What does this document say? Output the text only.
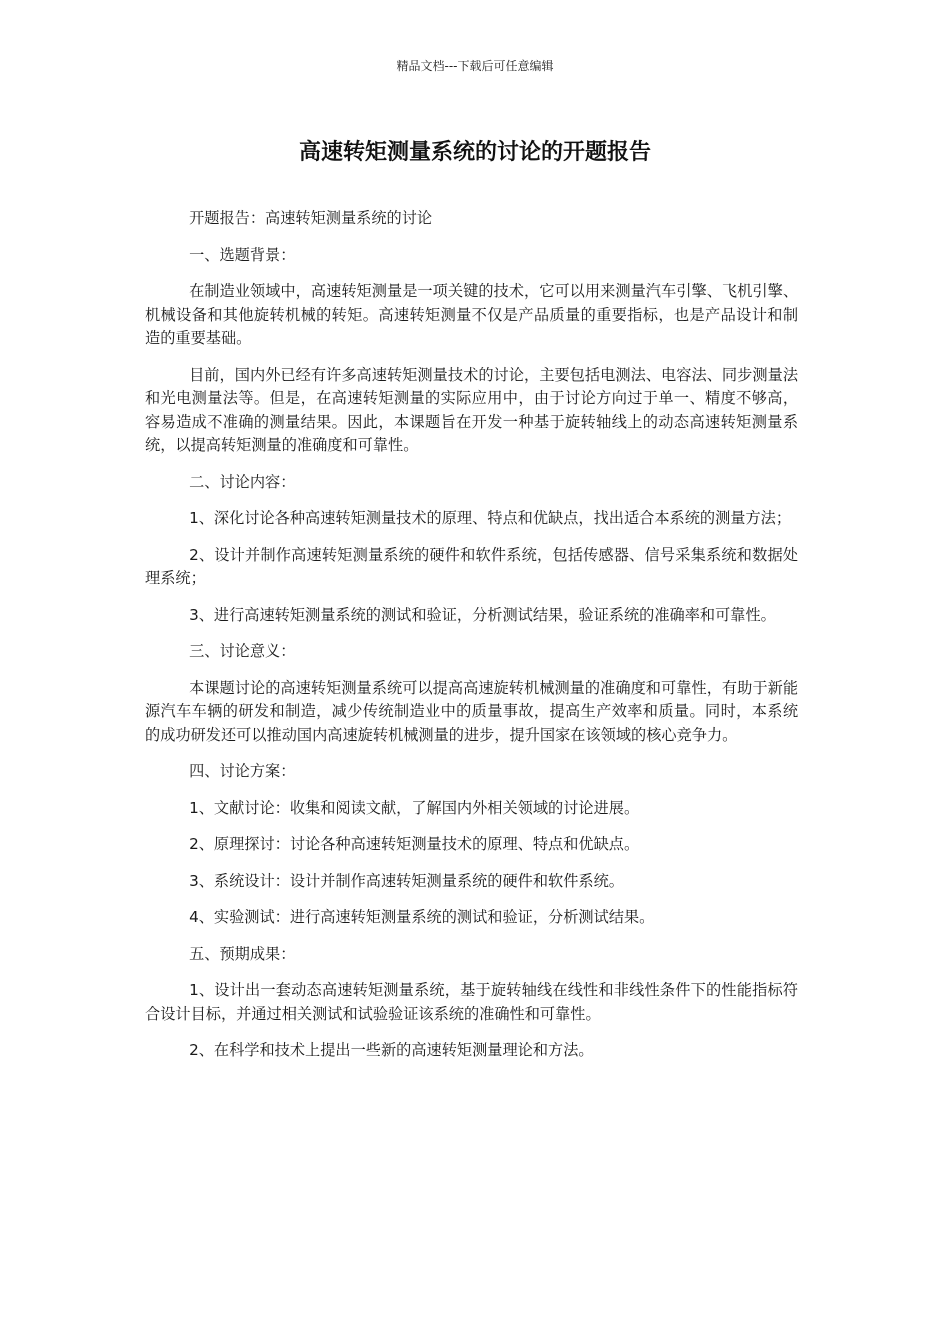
精品文档---下载后可任意编辑
高速转矩测量系统的讨论的开题报告

开题报告：高速转矩测量系统的讨论

一、选题背景：

在制造业领域中，高速转矩测量是一项关键的技术，它可以用来测量汽车引擎、飞机引擎、机械设备和其他旋转机械的转矩。高速转矩测量不仅是产品质量的重要指标，也是产品设计和制造的重要基础。

目前，国内外已经有许多高速转矩测量技术的讨论，主要包括电测法、电容法、同步测量法和光电测量法等。但是，在高速转矩测量的实际应用中，由于讨论方向过于单一、精度不够高，容易造成不准确的测量结果。因此，本课题旨在开发一种基于旋转轴线上的动态高速转矩测量系统，以提高转矩测量的准确度和可靠性。

二、讨论内容：

1、深化讨论各种高速转矩测量技术的原理、特点和优缺点，找出适合本系统的测量方法；

2、设计并制作高速转矩测量系统的硬件和软件系统，包括传感器、信号采集系统和数据处理系统；

3、进行高速转矩测量系统的测试和验证，分析测试结果，验证系统的准确率和可靠性。

三、讨论意义：

本课题讨论的高速转矩测量系统可以提高高速旋转机械测量的准确度和可靠性，有助于新能源汽车车辆的研发和制造，减少传统制造业中的质量事故，提高生产效率和质量。同时，本系统的成功研发还可以推动国内高速旋转机械测量的进步，提升国家在该领域的核心竞争力。

四、讨论方案：

1、文献讨论：收集和阅读文献，了解国内外相关领域的讨论进展。

2、原理探讨：讨论各种高速转矩测量技术的原理、特点和优缺点。

3、系统设计：设计并制作高速转矩测量系统的硬件和软件系统。

4、实验测试：进行高速转矩测量系统的测试和验证，分析测试结果。

五、预期成果：

1、设计出一套动态高速转矩测量系统，基于旋转轴线在线性和非线性条件下的性能指标符合设计目标，并通过相关测试和试验验证该系统的准确性和可靠性。

2、在科学和技术上提出一些新的高速转矩测量理论和方法。
